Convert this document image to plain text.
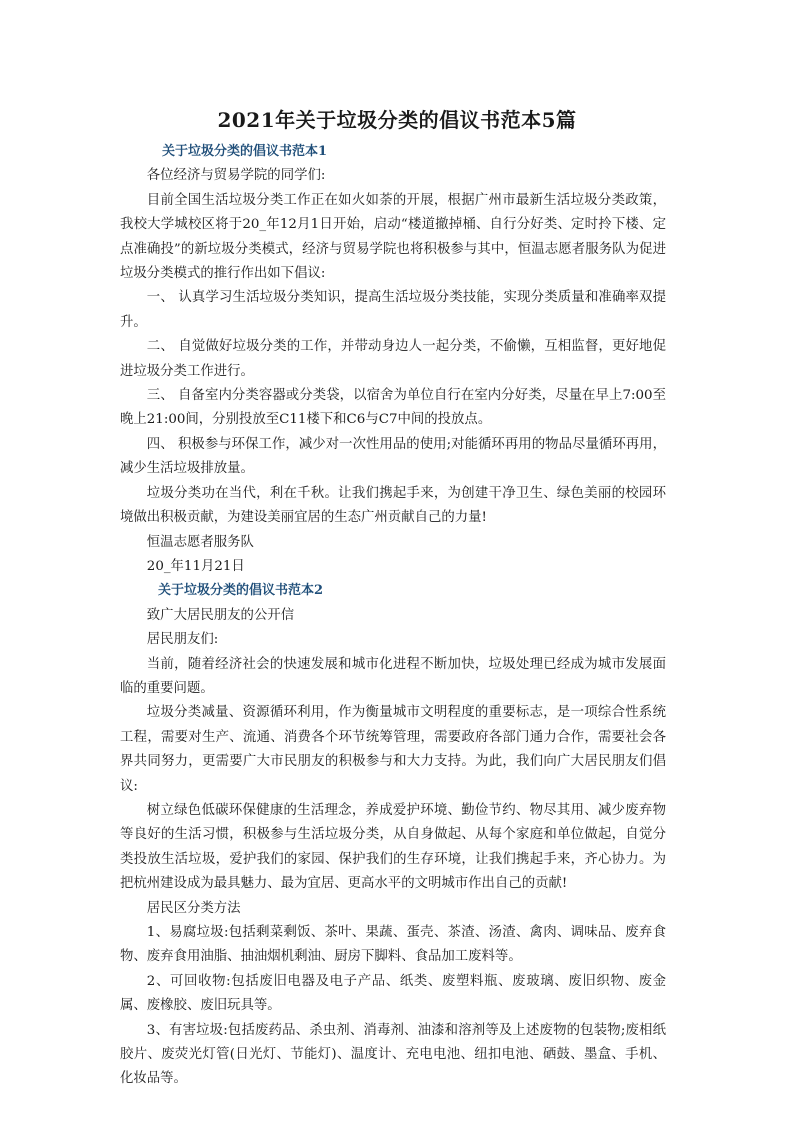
2021年关于垃圾分类的倡议书范本5篇

关于垃圾分类的倡议书范本1

各位经济与贸易学院的同学们:

目前全国生活垃圾分类工作正在如火如荼的开展，根据广州市最新生活垃圾分类政策，我校大学城校区将于20_年12月1日开始，启动“楼道撤掉桶、自行分好类、定时拎下楼、定点准确投”的新垃圾分类模式，经济与贸易学院也将积极参与其中，恒温志愿者服务队为促进垃圾分类模式的推行作出如下倡议:

一、 认真学习生活垃圾分类知识，提高生活垃圾分类技能，实现分类质量和准确率双提升。

二、 自觉做好垃圾分类的工作，并带动身边人一起分类，不偷懒，互相监督，更好地促进垃圾分类工作进行。

三、 自备室内分类容器或分类袋，以宿舍为单位自行在室内分好类，尽量在早上7:00至晚上21:00间，分别投放至C11楼下和C6与C7中间的投放点。

四、 积极参与环保工作，减少对一次性用品的使用;对能循环再用的物品尽量循环再用，减少生活垃圾排放量。

垃圾分类功在当代，利在千秋。让我们携起手来，为创建干净卫生、绿色美丽的校园环境做出积极贡献，为建设美丽宜居的生态广州贡献自己的力量!

恒温志愿者服务队

20_年11月21日

关于垃圾分类的倡议书范本2

致广大居民朋友的公开信

居民朋友们:

当前，随着经济社会的快速发展和城市化进程不断加快，垃圾处理已经成为城市发展面临的重要问题。

垃圾分类减量、资源循环利用，作为衡量城市文明程度的重要标志，是一项综合性系统工程，需要对生产、流通、消费各个环节统筹管理，需要政府各部门通力合作，需要社会各界共同努力，更需要广大市民朋友的积极参与和大力支持。为此，我们向广大居民朋友们倡议:

树立绿色低碳环保健康的生活理念，养成爱护环境、勤俭节约、物尽其用、减少废弃物等良好的生活习惯，积极参与生活垃圾分类，从自身做起、从每个家庭和单位做起，自觉分类投放生活垃圾，爱护我们的家园、保护我们的生存环境，让我们携起手来，齐心协力。为把杭州建设成为最具魅力、最为宜居、更高水平的文明城市作出自己的贡献!

居民区分类方法

1、易腐垃圾:包括剩菜剩饭、茶叶、果蔬、蛋壳、茶渣、汤渣、禽肉、调味品、废弃食物、废弃食用油脂、抽油烟机剩油、厨房下脚料、食品加工废料等。

2、可回收物:包括废旧电器及电子产品、纸类、废塑料瓶、废玻璃、废旧织物、废金属、废橡胶、废旧玩具等。

3、有害垃圾:包括废药品、杀虫剂、消毒剂、油漆和溶剂等及上述废物的包装物;废相纸胶片、废荧光灯管(日光灯、节能灯)、温度计、充电电池、纽扣电池、硒鼓、墨盒、手机、化妆品等。
